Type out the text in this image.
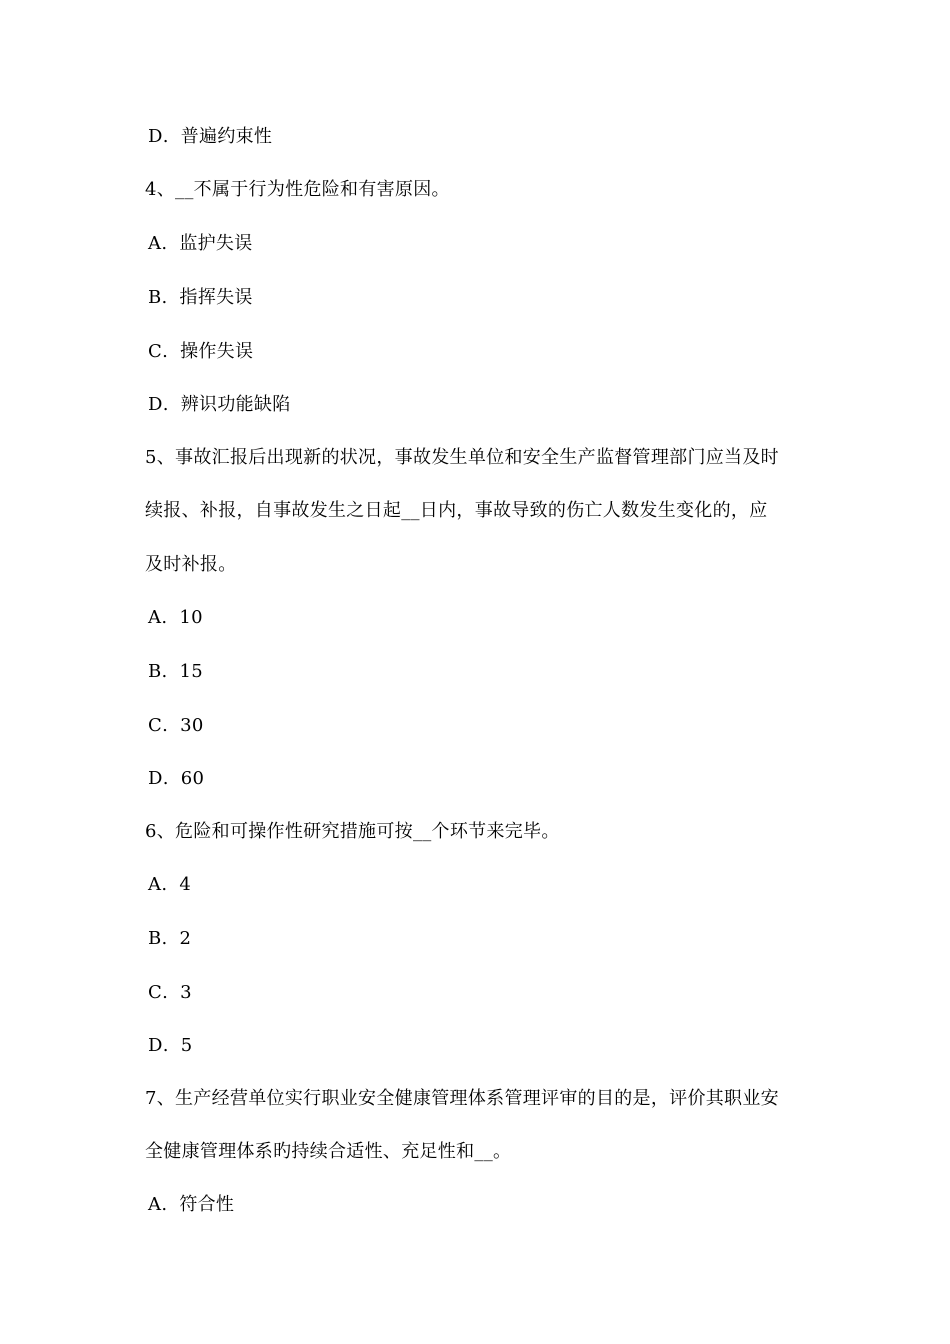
D. 普遍约束性
4、__不属于行为性危险和有害原因。
A. 监护失误
B. 指挥失误
C. 操作失误
D. 辨识功能缺陷
5、事故汇报后出现新的状况，事故发生单位和安全生产监督管理部门应当及时
续报、补报，自事故发生之日起__日内，事故导致的伤亡人数发生变化的，应
及时补报。
A. 10
B. 15
C. 30
D. 60
6、危险和可操作性研究措施可按__个环节来完毕。
A. 4
B. 2
C. 3
D. 5
7、生产经营单位实行职业安全健康管理体系管理评审的目的是，评价其职业安
全健康管理体系旳持续合适性、充足性和__。
A. 符合性
